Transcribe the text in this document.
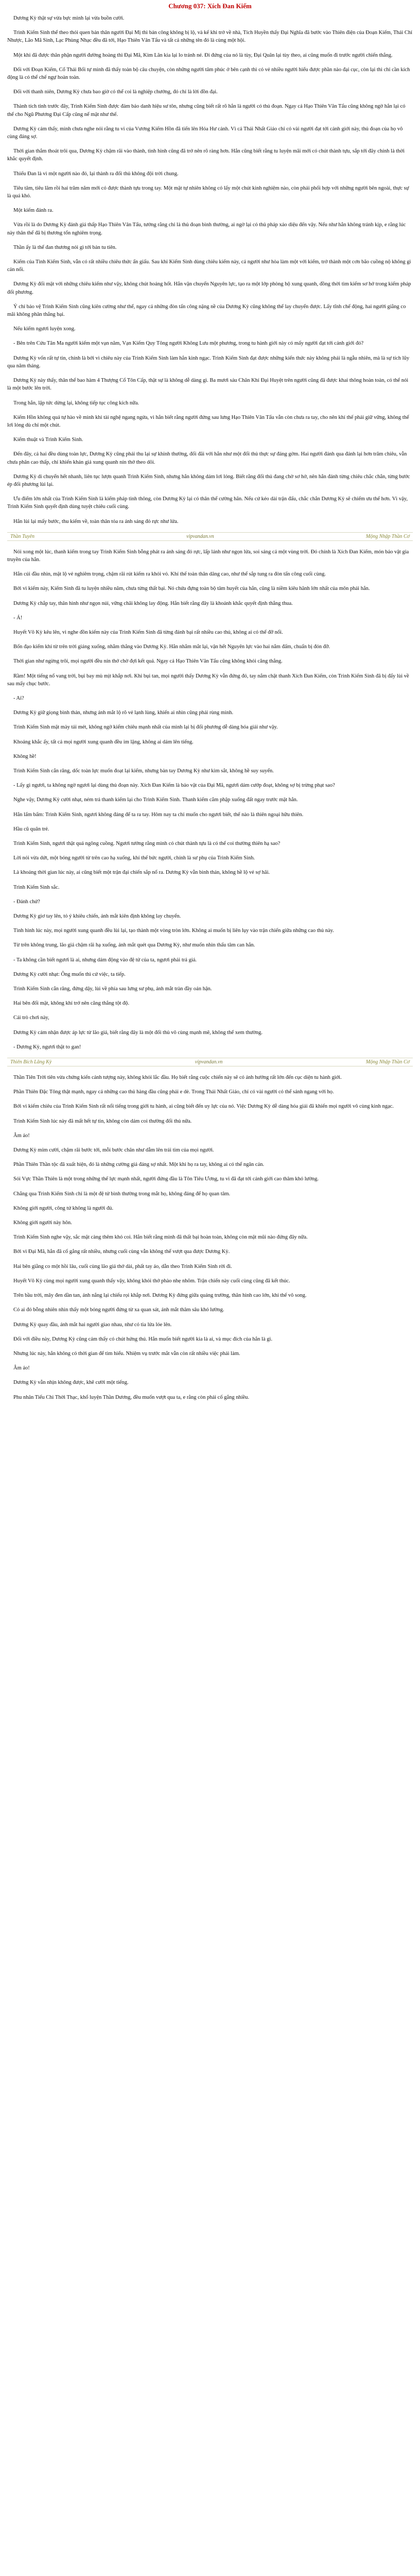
Chương 037: Xích Đan Kiếm

Dương Kỳ thật sự vừa bực mình lại vừa buồn cười.

Trình Kiếm Sinh thể theo thói quen bản thân người Đại Mị thì bản công không bị lộ, và kế khi trở về nhà, Tích Huyền thấy Đại Nghĩa đã bước vào Thiên điện của Đoạn Kiếm, Thái Chỉ Nhược, Lão Mã Sinh, Lạc Phùng Nhạc đều đã tới, Hạo Thiên Vân Tẩu và tất cả những tên đó là cùng một hội.

Một khi đã được thân phận người đường hoàng thì Đại Mã, Kim Lân kia lại lo tránh né. Đi đứng của nó là tùy, Đại Quân lại tùy theo, ai cũng muốn đi trước người chiến thắng.

Đối với Đoạn Kiếm, Cổ Thái Bối tự mình đã thấy toàn bộ câu chuyện, còn những người tâm phúc ở bên cạnh thì có vẻ nhiều người hiểu được phần nào đại cục, còn lại thì chỉ cần kích động là có thể chế ngự hoàn toàn.

Đối với thanh niên, Dương Kỳ chưa bao giờ có thể coi là nghiệp chướng, đó chỉ là lời đồn đại.

Thành tích tỉnh trước đây, Trình Kiếm Sinh được đảm bảo danh hiệu sư tôn, nhưng cũng biết rất rõ hắn là người có thủ đoạn. Ngay cả Hạo Thiên Vân Tẩu cũng không ngờ hắn lại có thể cho Ngũ Phương Đại Cấp cũng nể mặt như thế.

Dương Kỳ cảm thấy, mình chưa nghe nói rằng tu vi của Vương Kiếm Hồn đã tiến lên Hóa Hư cảnh. Vì cả Thái Nhất Giáo chỉ có vài người đạt tới cảnh giới này, thủ đoạn của họ vô cùng đáng sợ.

Thời gian thắm thoát trôi qua, Dương Kỳ chậm rãi vào thành, tình hình cũng đã trở nên rõ ràng hơn. Hắn cũng biết rằng tu luyện mãi mới có chút thành tựu, sắp tới đây chính là thời khắc quyết định.

Thiếu Đan là vì một người nào đó, lại thành ra đối thủ không đội trời chung.

Tiêu tâm, tiêu lãm rồi hai trăm năm mới có được thành tựu trong tay. Một mặt tự nhiên không có lấy một chút kinh nghiệm nào, còn phải phối hợp với những người bên ngoài, thực sự là quá khó.

Một kiếm đánh ra.

Vừa rồi là do Dương Kỳ đánh giá thấp Hạo Thiên Vân Tẩu, tưởng rằng chỉ là thủ đoạn bình thường, ai ngờ lại có thủ pháp xảo diệu đến vậy. Nếu như hắn không tránh kịp, e rằng lúc này thân thể đã bị thương tổn nghiêm trọng.

Thần ấy là thể đan thương nói gì tới bản tu tiên.

Kiếm của Tình Kiếm Sinh, vẫn có rất nhiều chiêu thức ẩn giấu. Sau khi Kiếm Sinh dùng chiêu kiếm này, cả người như hòa làm một với kiếm, trở thành một cơn bão cuồng nộ không gì cản nổi.

Dương Kỳ đối mặt với những chiêu kiếm như vậy, không chút hoảng hốt. Hắn vận chuyển Nguyên lực, tạo ra một lớp phòng hộ xung quanh, đồng thời tìm kiếm sơ hở trong kiếm pháp đối phương.

Ý chí bảo vệ Trình Kiếm Sinh cũng kiên cường như thể, ngay cả những đòn tấn công nặng nề của Dương Kỳ cũng không thể lay chuyển được. Lấy tĩnh chế động, hai người giằng co mãi không phân thắng bại.

Nếu kiếm ngươi luyện xong.

- Bên trên Cửu Tân Ma người kiếm một vạn năm, Vạn Kiếm Quy Tông người Không Lưu một phương, trong tu hành giới này có mấy người đạt tới cảnh giới đó?

Dương Kỳ vốn rất tự tin, chính là bởi vì chiêu này của Trình Kiếm Sinh làm hắn kinh ngạc. Trình Kiếm Sinh đạt được những kiến thức này không phải là ngẫu nhiên, mà là sự tích lũy qua năm tháng.

Dương Kỳ này thấy, thân thể bao hàm 4 Thượng Cổ Tôn Cấp, thật sự là không dễ dàng gì. Ba mươi sáu Chân Khí Đại Huyệt trên người cũng đã được khai thông hoàn toàn, có thể nói là một bước lên trời.

Trong hắn, lập tức dừng lại, không tiếp tục công kích nữa.

Kiếm Hồn không quá tự hào về mình khi tài nghệ ngang ngửa, vì hắn biết rằng người đứng sau lưng Hạo Thiên Vân Tẩu vẫn còn chưa ra tay, cho nên khí thế phải giữ vững, không thể lơi lỏng dù chỉ một chút.

Kiếm thuật và Trình Kiếm Sinh.

Đến đây, cả hai đều dùng toàn lực, Dương Kỳ cũng phải thu lại sự khinh thường, đối đãi với hắn như một đối thủ thực sự đáng gờm. Hai người đánh qua đánh lại hơn trăm chiêu, vẫn chưa phân cao thấp, chỉ khiến khán giả xung quanh nín thở theo dõi.

Dương Kỳ di chuyển hết nhanh, liên tục lượn quanh Trình Kiếm Sinh, nhưng hắn không dám lơi lỏng. Biết rằng đối thủ đang chờ sơ hở, nên hắn đánh từng chiêu chắc chắn, từng bước ép đối phương lùi lại.

Ưu điểm lớn nhất của Trình Kiếm Sinh là kiếm pháp tinh thông, còn Dương Kỳ lại có thân thể cường hãn. Nếu cứ kéo dài trận đấu, chắc chắn Dương Kỳ sẽ chiếm ưu thế hơn. Vì vậy, Trình Kiếm Sinh quyết định dùng tuyệt chiêu cuối cùng.

Hắn lùi lại mấy bước, thu kiếm về, toàn thân tỏa ra ánh sáng đỏ rực như lửa.

Thần Tuyên	vipvandan.vn	Mộng Nhập Thần Cơ

Nói xong một lúc, thanh kiếm trong tay Trình Kiếm Sinh bỗng phát ra ánh sáng đỏ rực, lấp lánh như ngọn lửa, soi sáng cả một vùng trời. Đó chính là Xích Đan Kiếm, món bảo vật gia truyền của hắn.

Hắn cúi đầu nhìn, mặt lộ vẻ nghiêm trọng, chậm rãi rút kiếm ra khỏi vỏ. Khí thế toàn thân dâng cao, như thể sắp tung ra đòn tấn công cuối cùng.

Bởi vì kiếm này, Kiếm Sinh đã tu luyện nhiều năm, chưa từng thất bại. Nó chứa đựng toàn bộ tâm huyết của hắn, cũng là niềm kiêu hãnh lớn nhất của môn phái hắn.

Dương Kỳ chắp tay, thân hình như ngọn núi, vững chãi không lay động. Hắn biết rằng đây là khoảnh khắc quyết định thắng thua.

- Á!

Huyết Vô Kỳ kêu lên, vì nghe đồn kiếm này của Trình Kiếm Sinh đã từng đánh bại rất nhiều cao thủ, không ai có thể đỡ nổi.

Bốn đạo kiếm khí từ trên trời giáng xuống, nhằm thẳng vào Dương Kỳ. Hắn nhắm mắt lại, vận hết Nguyên lực vào hai nắm đấm, chuẩn bị đón đỡ.

Thời gian như ngừng trôi, mọi người đều nín thở chờ đợi kết quả. Ngay cả Hạo Thiên Vân Tẩu cũng không khỏi căng thẳng.

Rầm! Một tiếng nổ vang trời, bụi bay mù mịt khắp nơi. Khi bụi tan, mọi người thấy Dương Kỳ vẫn đứng đó, tay nắm chặt thanh Xích Đan Kiếm, còn Trình Kiếm Sinh đã bị đẩy lùi về sau mấy chục bước.

- Ai?

Dương Kỳ giữ giọng bình thản, nhưng ánh mắt lộ rõ vẻ lạnh lùng, khiến ai nhìn cũng phải rùng mình.

Trình Kiếm Sinh mặt mày tái mét, không ngờ kiếm chiêu mạnh nhất của mình lại bị đối phương dễ dàng hóa giải như vậy.

Khoảng khắc ấy, tất cả mọi người xung quanh đều im lặng, không ai dám lên tiếng.

Không hề!

Trình Kiếm Sinh cắn răng, dốc toàn lực muốn đoạt lại kiếm, nhưng bàn tay Dương Kỳ như kìm sắt, không hề suy suyển.

- Lấy gì ngươi, ta không ngờ ngươi lại dùng thủ đoạn này. Xích Đan Kiếm là bảo vật của Đại Mã, ngươi dám cướp đoạt, không sợ bị trừng phạt sao?

Nghe vậy, Dương Kỳ cười nhạt, ném trả thanh kiếm lại cho Trình Kiếm Sinh. Thanh kiếm cắm phập xuống đất ngay trước mặt hắn.

Hắn lẩm bẩm: Trình Kiếm Sinh, ngươi không đáng để ta ra tay. Hôm nay ta chỉ muốn cho ngươi biết, thế nào là thiên ngoại hữu thiên.

Hầu cũ quân trẻ.

Trình Kiếm Sinh, ngươi thật quá ngông cuồng. Ngươi tưởng rằng mình có chút thành tựu là có thể coi thường thiên hạ sao?

Lời nói vừa dứt, một bóng người từ trên cao hạ xuống, khí thế bức người, chính là sư phụ của Trình Kiếm Sinh.

Là khoảng thời gian lúc này, ai cũng biết một trận đại chiến sắp nổ ra. Dương Kỳ vẫn bình thản, không hề lộ vẻ sợ hãi.

Trình Kiếm Sinh sắc.

- Đánh chứ?

Dương Kỳ giơ tay lên, tỏ ý khiêu chiến, ánh mắt kiên định không lay chuyển.

Tình hình lúc này, mọi người xung quanh đều lùi lại, tạo thành một vòng tròn lớn. Không ai muốn bị liên lụy vào trận chiến giữa những cao thủ này.

Từ trên không trung, lão giả chậm rãi hạ xuống, ánh mắt quét qua Dương Kỳ, như muốn nhìn thấu tâm can hắn.

- Ta không cần biết ngươi là ai, nhưng dám động vào đệ tử của ta, ngươi phải trả giá.

Dương Kỳ cười nhạt: Ông muốn thì cứ việc, ta tiếp.

Trình Kiếm Sinh cắn răng, đứng dậy, lùi về phía sau lưng sư phụ, ánh mắt tràn đầy oán hận.

Hai bên đối mặt, không khí trở nên căng thẳng tột độ.

Cái trò chơi này,

Dương Kỳ cảm nhận được áp lực từ lão giả, biết rằng đây là một đối thủ vô cùng mạnh mẽ, không thể xem thường.

- Dương Kỳ, ngươi thật to gan!

Thiên Bích Lăng Kỳ	vipvandan.vn	Mộng Nhập Thần Cơ

Thần Tiên Trời tiên vừa chứng kiến cảnh tượng này, không khỏi lắc đầu. Họ biết rằng cuộc chiến này sẽ có ảnh hưởng rất lớn đến cục diện tu hành giới.

Phần Thiên Đặc Tông thật mạnh, ngay cả những cao thủ hàng đầu cũng phải e dè. Trong Thái Nhất Giáo, chỉ có vài người có thể sánh ngang với họ.

Bởi vì kiếm chiêu của Trình Kiếm Sinh rất nổi tiếng trong giới tu hành, ai cũng biết đến uy lực của nó. Việc Dương Kỳ dễ dàng hóa giải đã khiến mọi người vô cùng kinh ngạc.

Trình Kiếm Sinh lúc này đã mất hết tự tin, không còn dám coi thường đối thủ nữa.

Âm ảo!

Dương Kỳ mỉm cười, chậm rãi bước tới, mỗi bước chân như dẫm lên trái tim của mọi người.

Phần Thiên Thần tộc đã xuất hiện, đó là những cường giả đáng sợ nhất. Một khi họ ra tay, không ai có thể ngăn cản.

Sói Vực Thần Thiên là một trong những thế lực mạnh nhất, người đứng đầu là Tôn Tiêu Ương, tu vi đã đạt tới cảnh giới cao thâm khó lường.

Chẳng qua Trình Kiếm Sinh chỉ là một đệ tử bình thường trong mắt họ, không đáng để họ quan tâm.

Không giới người, công tử không là người đủ.

Không giới người này hôn.

Trình Kiếm Sinh nghe vậy, sắc mặt càng thêm khó coi. Hắn biết rằng mình đã thất bại hoàn toàn, không còn mặt mũi nào đứng đây nữa.

Bởi vì Đại Mã, hắn đã cố gắng rất nhiều, nhưng cuối cùng vẫn không thể vượt qua được Dương Kỳ.

Hai bên giằng co một hồi lâu, cuối cùng lão giả thở dài, phất tay áo, dẫn theo Trình Kiếm Sinh rời đi.

Huyết Vô Kỳ cùng mọi người xung quanh thấy vậy, không khỏi thở phào nhẹ nhõm. Trận chiến này cuối cùng cũng đã kết thúc.

Trên bầu trời, mây đen dần tan, ánh nắng lại chiếu rọi khắp nơi. Dương Kỳ đứng giữa quảng trường, thân hình cao lớn, khí thế vô song.

Có ai đó bỗng nhiên nhìn thấy một bóng người đứng từ xa quan sát, ánh mắt thâm sâu khó lường.

Dương Kỳ quay đầu, ánh mắt hai người giao nhau, như có tia lửa lóe lên.

Đối với điều này, Dương Kỳ cũng cảm thấy có chút hứng thú. Hắn muốn biết người kia là ai, và mục đích của hắn là gì.

Nhưng lúc này, hắn không có thời gian để tìm hiểu. Nhiệm vụ trước mắt vẫn còn rất nhiều việc phải làm.

Âm ảo!

Dương Kỳ vẫn nhịn không được, khẽ cười một tiếng.

Phu nhân Tiểu Chi Thời Thạc, khổ luyện Thần Dương, đều muốn vượt qua ta, e rằng còn phải cố gắng nhiều.
